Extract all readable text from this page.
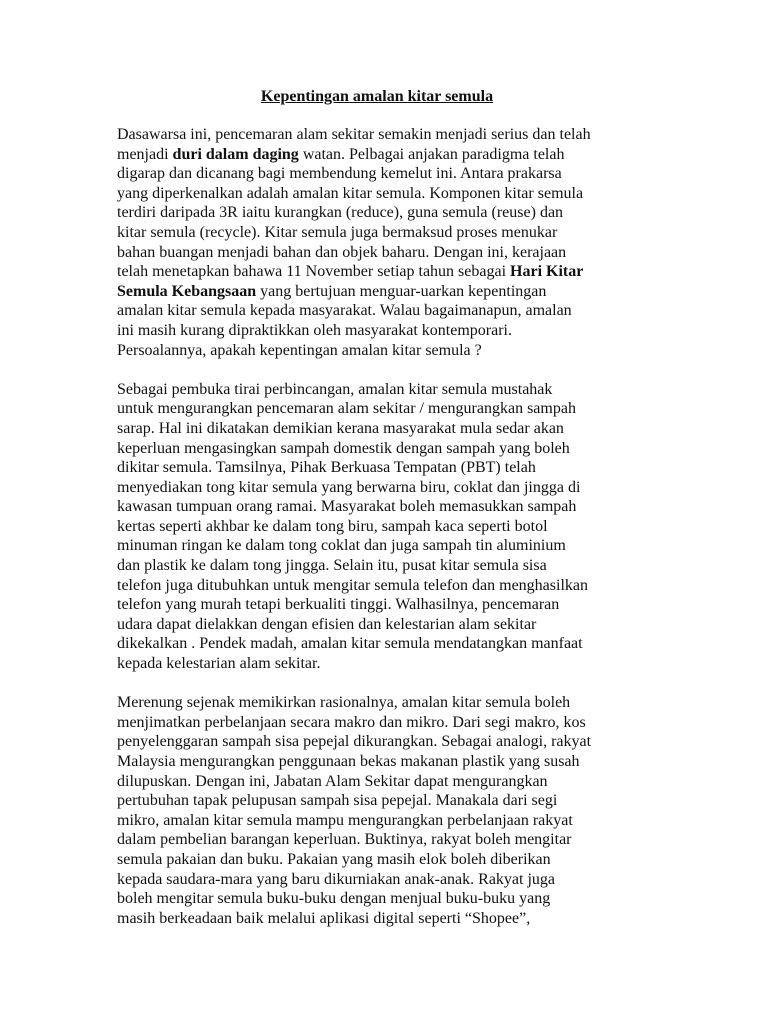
Kepentingan amalan kitar semula
Dasawarsa ini, pencemaran alam sekitar semakin menjadi serius dan telah
menjadi duri dalam daging watan. Pelbagai anjakan paradigma telah
digarap dan dicanang bagi membendung kemelut ini. Antara prakarsa
yang diperkenalkan adalah amalan kitar semula. Komponen kitar semula
terdiri daripada 3R iaitu kurangkan (reduce), guna semula (reuse) dan
kitar semula (recycle). Kitar semula juga bermaksud proses menukar
bahan buangan menjadi bahan dan objek baharu. Dengan ini, kerajaan
telah menetapkan bahawa 11 November setiap tahun sebagai Hari Kitar
Semula Kebangsaan yang bertujuan menguar-uarkan kepentingan
amalan kitar semula kepada masyarakat. Walau bagaimanapun, amalan
ini masih kurang dipraktikkan oleh masyarakat kontemporari.
Persoalannya, apakah kepentingan amalan kitar semula ?
Sebagai pembuka tirai perbincangan, amalan kitar semula mustahak
untuk mengurangkan pencemaran alam sekitar / mengurangkan sampah
sarap. Hal ini dikatakan demikian kerana masyarakat mula sedar akan
keperluan mengasingkan sampah domestik dengan sampah yang boleh
dikitar semula. Tamsilnya, Pihak Berkuasa Tempatan (PBT) telah
menyediakan tong kitar semula yang berwarna biru, coklat dan jingga di
kawasan tumpuan orang ramai. Masyarakat boleh memasukkan sampah
kertas seperti akhbar ke dalam tong biru, sampah kaca seperti botol
minuman ringan ke dalam tong coklat dan juga sampah tin aluminium
dan plastik ke dalam tong jingga. Selain itu, pusat kitar semula sisa
telefon juga ditubuhkan untuk mengitar semula telefon dan menghasilkan
telefon yang murah tetapi berkualiti tinggi. Walhasilnya, pencemaran
udara dapat dielakkan dengan efisien dan kelestarian alam sekitar
dikekalkan . Pendek madah, amalan kitar semula mendatangkan manfaat
kepada kelestarian alam sekitar.
Merenung sejenak memikirkan rasionalnya, amalan kitar semula boleh
menjimatkan perbelanjaan secara makro dan mikro. Dari segi makro, kos
penyelenggaran sampah sisa pepejal dikurangkan. Sebagai analogi, rakyat
Malaysia mengurangkan penggunaan bekas makanan plastik yang susah
dilupuskan. Dengan ini, Jabatan Alam Sekitar dapat mengurangkan
pertubuhan tapak pelupusan sampah sisa pepejal. Manakala dari segi
mikro, amalan kitar semula mampu mengurangkan perbelanjaan rakyat
dalam pembelian barangan keperluan. Buktinya, rakyat boleh mengitar
semula pakaian dan buku. Pakaian yang masih elok boleh diberikan
kepada saudara-mara yang baru dikurniakan anak-anak. Rakyat juga
boleh mengitar semula buku-buku dengan menjual buku-buku yang
masih berkeadaan baik melalui aplikasi digital seperti “Shopee”,
